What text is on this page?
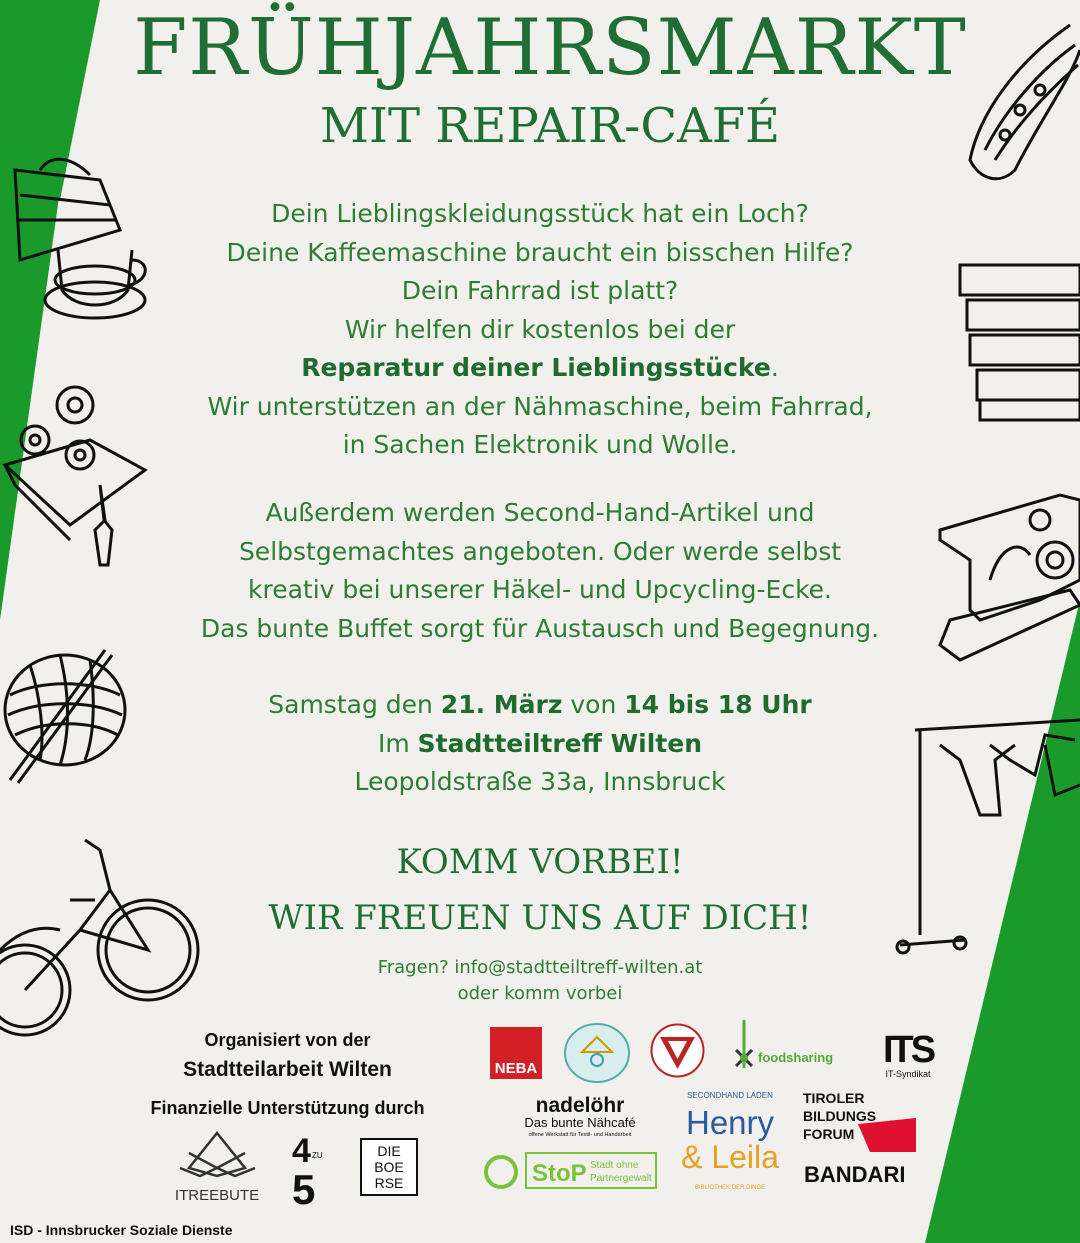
FRÜHJAHRSMARKT
MIT REPAIR-CAFÉ
Dein Lieblingskleidungsstück hat ein Loch?
Deine Kaffeemaschine braucht ein bisschen Hilfe?
Dein Fahrrad ist platt?
Wir helfen dir kostenlos bei der
Reparatur deiner Lieblingsstücke.
Wir unterstützen an der Nähmaschine, beim Fahrrad,
in Sachen Elektronik und Wolle.
Außerdem werden Second-Hand-Artikel und
Selbstgemachtes angeboten. Oder werde selbst
kreativ bei unserer Häkel- und Upcycling-Ecke.
Das bunte Buffet sorgt für Austausch und Begegnung.
Samstag den 21. März von 14 bis 18 Uhr
Im Stadtteiltreff Wilten
Leopoldstraße 33a, Innsbruck
KOMM VORBEI!
WIR FREUEN UNS AUF DICH!
Fragen? info@stadtteiltreff-wilten.at
oder komm vorbei
Organisiert von der
Stadtteilarbeit Wilten
Finanzielle Unterstützung durch
ITREEBUTE
4 ZU
5
DIE
BOE
RSE
NEBA
foodsharing ITS
IT-Syndikat
nadelöhr
Das bunte Nähcafé
offene Werkstatt für Textil- und Handarbeit
SECONDHAND LADEN
Henry
& Leila
BIBLIOTHEK DER DINGE
TIROLER
BILDUNGS
FORUM
BANDARI
StoP Stadt ohne
Partnergewalt
ISD - Innsbrucker Soziale Dienste
